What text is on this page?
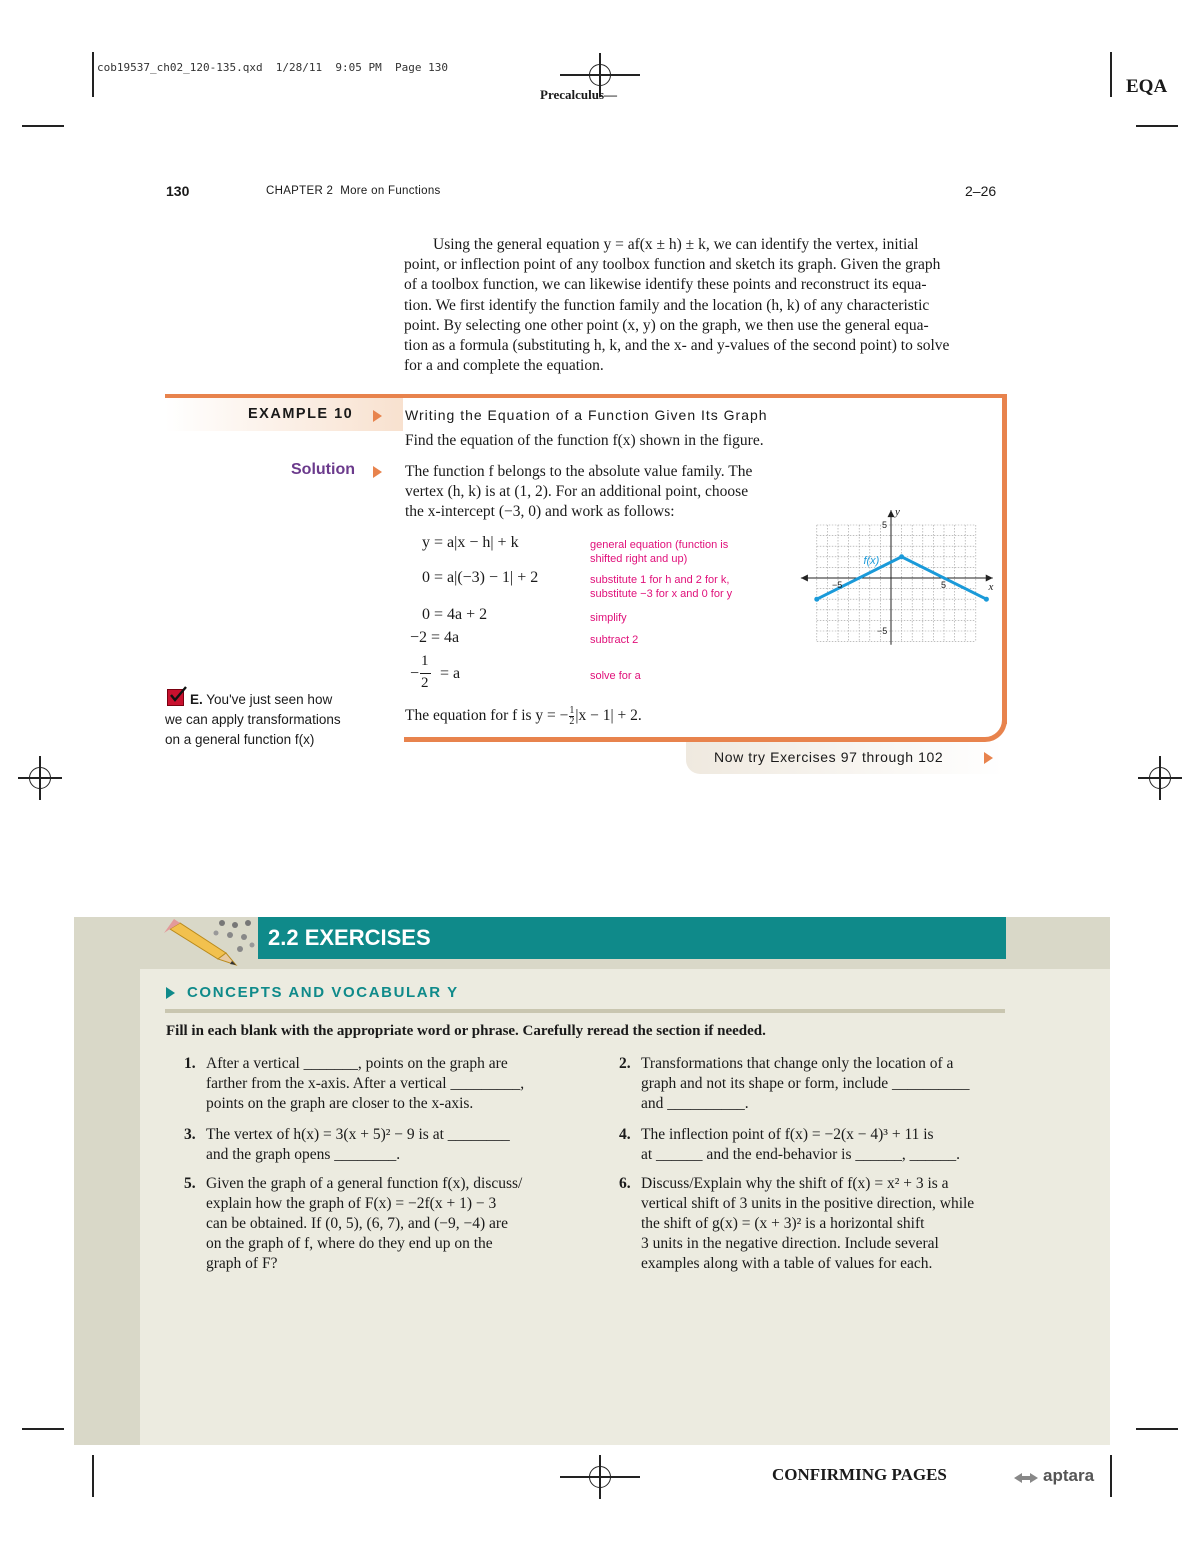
cob19537_ch02_120-135.qxd  1/28/11  9:05 PM  Page 130
Precalculus—	EQA
130	CHAPTER 2  More on Functions	2–26
Using the general equation y = af(x ± h) ± k, we can identify the vertex, initial
point, or inflection point of any toolbox function and sketch its graph. Given the graph
of a toolbox function, we can likewise identify these points and reconstruct its equa-
tion. We first identify the function family and the location (h, k) of any characteristic
point. By selecting one other point (x, y) on the graph, we then use the general equa-
tion as a formula (substituting h, k, and the x- and y-values of the second point) to solve
for a and complete the equation.
EXAMPLE 10	Writing the Equation of a Function Given Its Graph
Find the equation of the function f(x) shown in the figure.
Solution	The function f belongs to the absolute value family. The
vertex (h, k) is at (1, 2). For an additional point, choose
the x-intercept (−3, 0) and work as follows:
y = a|x − h| + k	general equation (function is
shifted right and up)
0 = a|(−3) − 1| + 2	substitute 1 for h and 2 for k,
substitute −3 for x and 0 for y
0 = 4a + 2	simplify
−2 = 4a	subtract 2
−
1
2
= a	solve for a
The equation for f is y = − $\frac{1}{2} |x - 1| + 2$.
Now try Exercises 97 through 102
E. You've just seen how
we can apply transformations
on a general function f(x)
y
x
5
−5
−5	5
f(x)
2.2 EXERCISES
CONCEPTS AND VOCABULAR Y
Fill in each blank with the appropriate word or phrase. Carefully reread the section if needed.
1. After a vertical _______, points on the graph are
farther from the x-axis. After a vertical _________,
points on the graph are closer to the x-axis.
2. Transformations that change only the location of a
graph and not its shape or form, include __________
and __________.
3. The vertex of h(x) = 3(x + 5)² − 9 is at ________
and the graph opens ________.
4. The inflection point of f(x) = −2(x − 4)³ + 11 is
at ______ and the end-behavior is ______, ______.
5. Given the graph of a general function f(x), discuss/
explain how the graph of F(x) = −2f(x + 1) − 3
can be obtained. If (0, 5), (6, 7), and (−9, −4) are
on the graph of f, where do they end up on the
graph of F?
6. Discuss/Explain why the shift of f(x) = x² + 3 is a
vertical shift of 3 units in the positive direction, while
the shift of g(x) = (x + 3)² is a horizontal shift
3 units in the negative direction. Include several
examples along with a table of values for each.
CONFIRMING PAGES	aptara
